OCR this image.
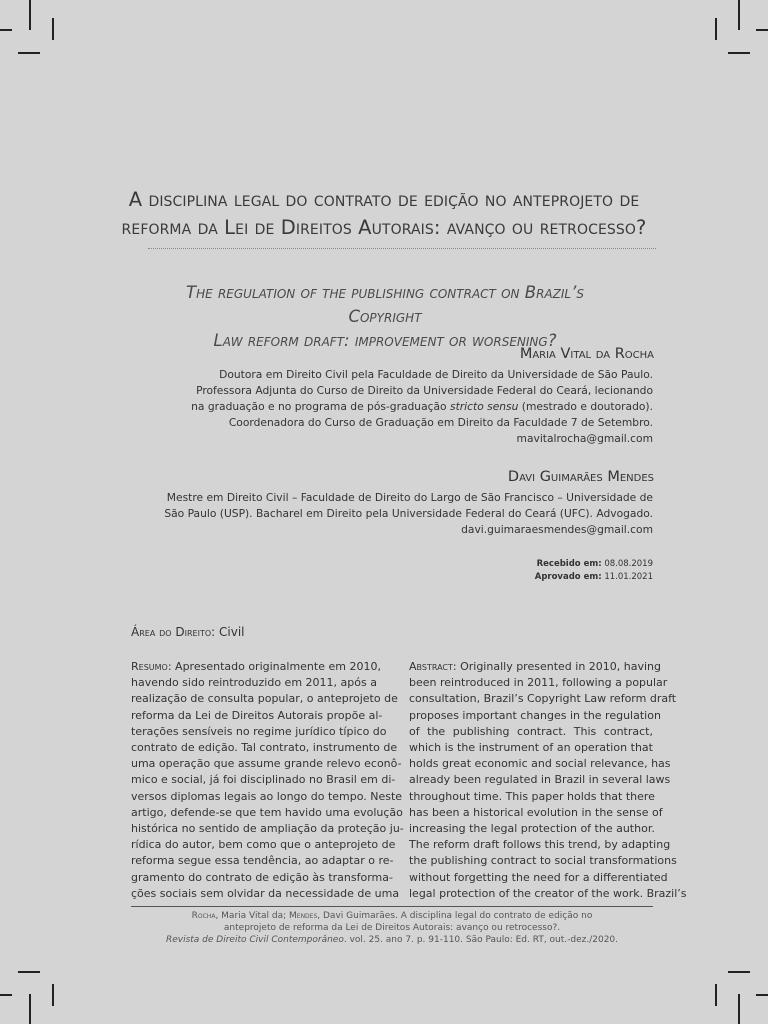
A disciplina legal do contrato de edição no anteprojeto de
reforma da Lei de Direitos Autorais: avanço ou retrocesso?
The regulation of the publishing contract on Brazil’s Copyright
Law reform draft: improvement or worsening?
Maria Vital da Rocha
Doutora em Direito Civil pela Faculdade de Direito da Universidade de São Paulo.
Professora Adjunta do Curso de Direito da Universidade Federal do Ceará, lecionando
na graduação e no programa de pós-graduação stricto sensu (mestrado e doutorado).
Coordenadora do Curso de Graduação em Direito da Faculdade 7 de Setembro.
mavitalrocha@gmail.com
Davi Guimarães Mendes
Mestre em Direito Civil – Faculdade de Direito do Largo de São Francisco – Universidade de
São Paulo (USP). Bacharel em Direito pela Universidade Federal do Ceará (UFC). Advogado.
davi.guimaraesmendes@gmail.com
Recebido em: 08.08.2019
Aprovado em: 11.01.2021
Área do Direito: Civil
Resumo: Apresentado originalmente em 2010,
havendo sido reintroduzido em 2011, após a
realização de consulta popular, o anteprojeto de
reforma da Lei de Direitos Autorais propõe al-
terações sensíveis no regime jurídico típico do
contrato de edição. Tal contrato, instrumento de
uma operação que assume grande relevo econô-
mico e social, já foi disciplinado no Brasil em di-
versos diplomas legais ao longo do tempo. Neste
artigo, defende-se que tem havido uma evolução
histórica no sentido de ampliação da proteção ju-
rídica do autor, bem como que o anteprojeto de
reforma segue essa tendência, ao adaptar o re-
gramento do contrato de edição às transforma-
ções sociais sem olvidar da necessidade de uma
Abstract: Originally presented in 2010, having
been reintroduced in 2011, following a popular
consultation, Brazil’s Copyright Law reform draft
proposes important changes in the regulation
of the publishing contract. This contract,
which is the instrument of an operation that
holds great economic and social relevance, has
already been regulated in Brazil in several laws
throughout time. This paper holds that there
has been a historical evolution in the sense of
increasing the legal protection of the author.
The reform draft follows this trend, by adapting
the publishing contract to social transformations
without forgetting the need for a differentiated
legal protection of the creator of the work. Brazil’s
Rocha, Maria Vital da; Mendes, Davi Guimarães. A disciplina legal do contrato de edição no
anteprojeto de reforma da Lei de Direitos Autorais: avanço ou retrocesso?.
Revista de Direito Civil Contemporâneo. vol. 25. ano 7. p. 91-110. São Paulo: Ed. RT, out.-dez./2020.
